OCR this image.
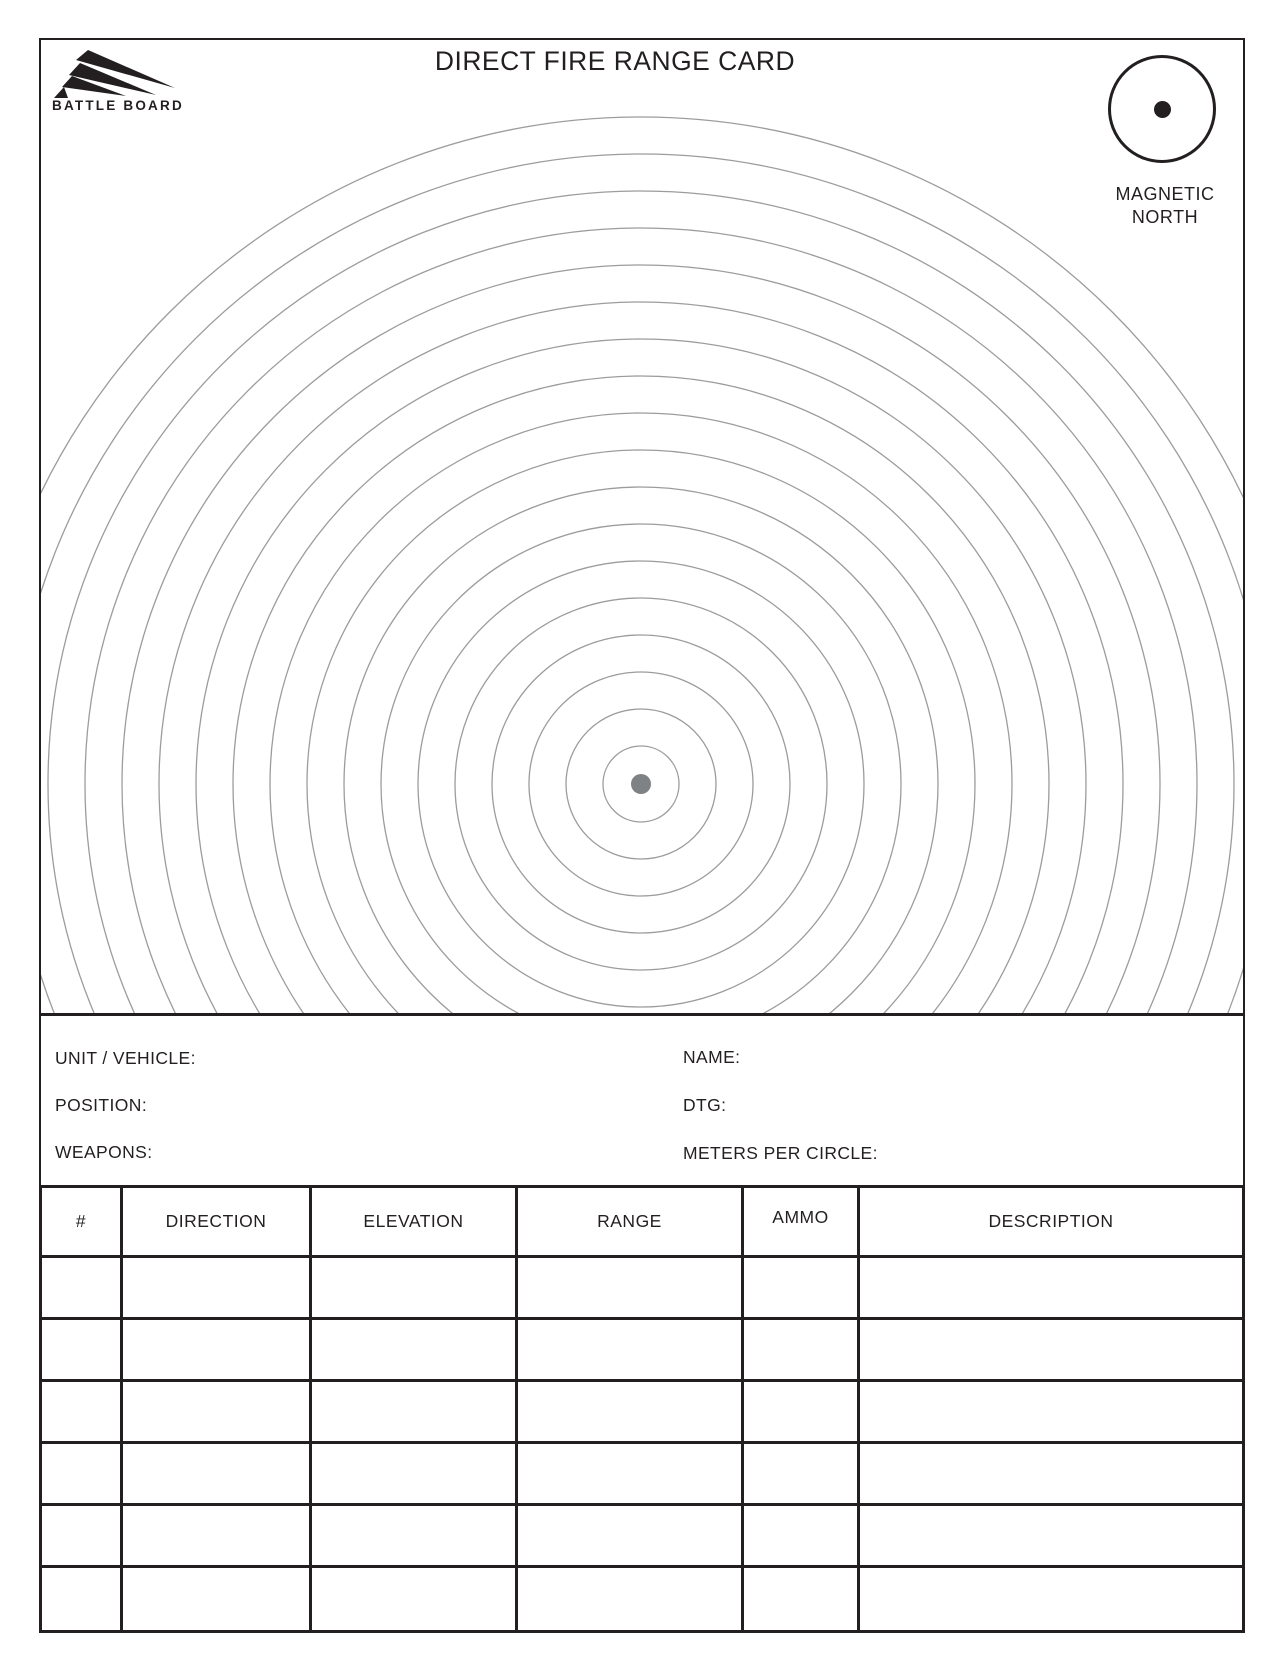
BATTLE BOARD
DIRECT FIRE RANGE CARD
MAGNETIC
NORTH
UNIT / VEHICLE:
POSITION:
WEAPONS:
NAME:
DTG:
METERS PER CIRCLE:
#	DIRECTION	ELEVATION	RANGE	AMMO	DESCRIPTION
